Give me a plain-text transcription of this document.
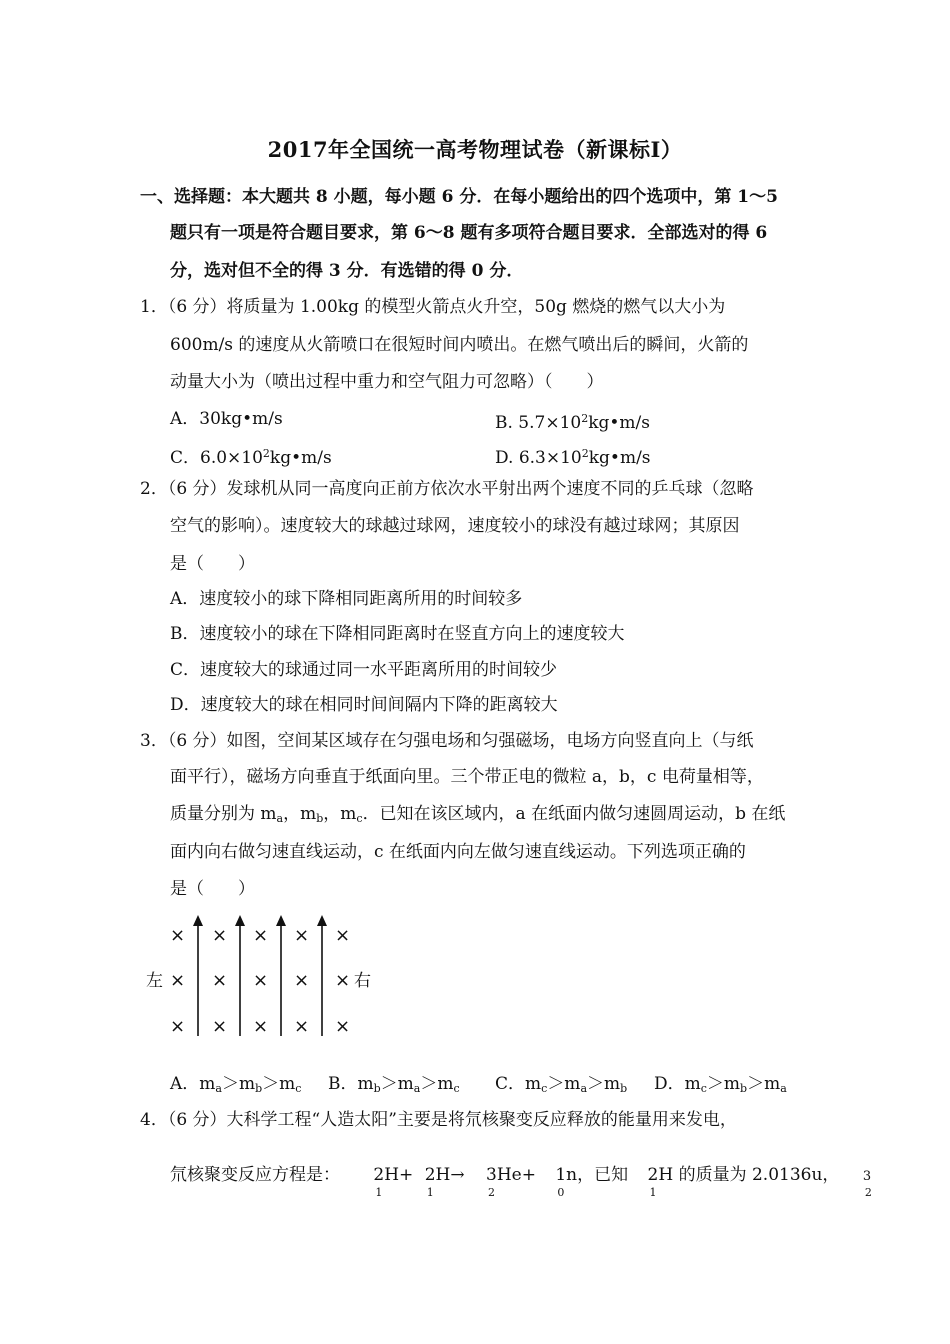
2017年全国统一高考物理试卷（新课标Ⅰ）
一、选择题：本大题共 8 小题，每小题 6 分．在每小题给出的四个选项中，第 1～5
题只有一项是符合题目要求，第 6～8 题有多项符合题目要求．全部选对的得 6
分，选对但不全的得 3 分．有选错的得 0 分．
1．（6 分）将质量为 1.00kg 的模型火箭点火升空，50g 燃烧的燃气以大小为
600m/s 的速度从火箭喷口在很短时间内喷出。在燃气喷出后的瞬间，火箭的
动量大小为（喷出过程中重力和空气阻力可忽略）（　　）
A．30kg•m/s	B. $5.7\times 10^2kg•m/s$
C．$6.0\times 10^2kg•m/s$	D. $6.3\times 10^2kg•m/s$
2．（6 分）发球机从同一高度向正前方依次水平射出两个速度不同的乒乓球（忽略
空气的影响）。速度较大的球越过球网，速度较小的球没有越过球网；其原因
是（　　）
A．速度较小的球下降相同距离所用的时间较多
B．速度较小的球在下降相同距离时在竖直方向上的速度较大
C．速度较大的球通过同一水平距离所用的时间较少
D．速度较大的球在相同时间间隔内下降的距离较大
3．（6 分）如图，空间某区域存在匀强电场和匀强磁场，电场方向竖直向上（与纸
面平行），磁场方向垂直于纸面向里。三个带正电的微粒 a，b，c 电荷量相等，
质量分别为 $m_a$，$m_b$，$m_c$．已知在该区域内，a 在纸面内做匀速圆周运动，b 在纸
面内向右做匀速直线运动，c 在纸面内向左做匀速直线运动。下列选项正确的
是（　　）
× × × × ×
× × × × ×
× × × × ×
左	右
A．$m_a>m_b>m_c$ B．$m_b>m_a>m_c$ C．$m_c>m_a>m_b$ D．$m_c>m_b>m_a$
4．（6 分）大科学工程“人造太阳”主要是将氘核聚变反应释放的能量用来发电，
氘核聚变反应方程是： 2H+
1
2H→
1
3He+
2
1n，已知
0
2H 的质量为 2.0136u，
1
3
2
